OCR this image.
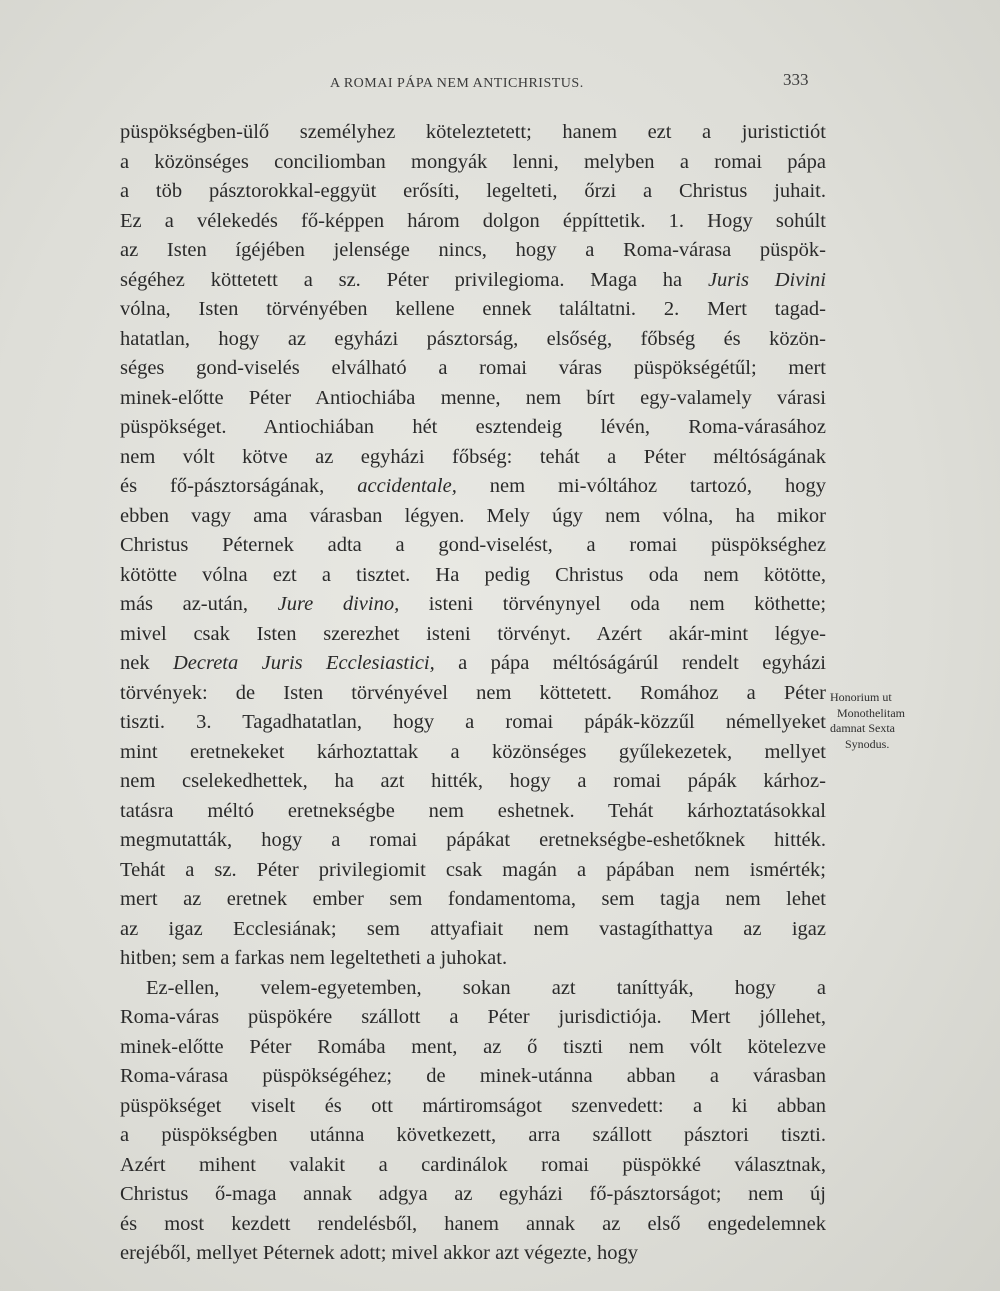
A ROMAI PÁPA NEM ANTICHRISTUS.	333
püspökségben-ülő személyhez köteleztetett; hanem ezt a juristictiót
a közönséges conciliomban mongyák lenni, melyben a romai pápa
a töb pásztorokkal-eggyüt erősíti, legelteti, őrzi a Christus juhait.
Ez a vélekedés fő-képpen három dolgon éppíttetik. 1. Hogy sohúlt
az Isten ígéjében jelensége nincs, hogy a Roma-várasa püspök-
ségéhez köttetett a sz. Péter privilegioma. Maga ha Juris Divini
vólna, Isten törvényében kellene ennek találtatni. 2. Mert tagad-
hatatlan, hogy az egyházi pásztorság, elsőség, főbség és közön-
séges gond-viselés elválható a romai váras püspökségétűl; mert
minek-előtte Péter Antiochiába menne, nem bírt egy-valamely várasi
püspökséget. Antiochiában hét esztendeig lévén, Roma-várasához
nem vólt kötve az egyházi főbség: tehát a Péter méltóságának
és fő-pásztorságának, accidentale, nem mi-vóltához tartozó, hogy
ebben vagy ama várasban légyen. Mely úgy nem vólna, ha mikor
Christus Péternek adta a gond-viselést, a romai püspökséghez
kötötte vólna ezt a tisztet. Ha pedig Christus oda nem kötötte,
más az-után, Jure divino, isteni törvénynyel oda nem köthette;
mivel csak Isten szerezhet isteni törvényt. Azért akár-mint légye-
nek Decreta Juris Ecclesiastici, a pápa méltóságárúl rendelt egyházi
törvények: de Isten törvényével nem köttetett. Romához a Péter
tiszti. 3. Tagadhatatlan, hogy a romai pápák-közzűl némellyeket
mint eretnekeket kárhoztattak a közönséges gyűlekezetek, mellyet
nem cselekedhettek, ha azt hitték, hogy a romai pápák kárhoz-
tatásra méltó eretnekségbe nem eshetnek. Tehát kárhoztatásokkal
megmutatták, hogy a romai pápákat eretnekségbe-eshetőknek hitték.
Tehát a sz. Péter privilegiomit csak magán a pápában nem ismérték;
mert az eretnek ember sem fondamentoma, sem tagja nem lehet
az igaz Ecclesiának; sem attyafiait nem vastagíthattya az igaz
hitben; sem a farkas nem legeltetheti a juhokat.
Ez-ellen, velem-egyetemben, sokan azt taníttyák, hogy a
Roma-váras püspökére szállott a Péter jurisdictiója. Mert jóllehet,
minek-előtte Péter Romába ment, az ő tiszti nem vólt kötelezve
Roma-várasa püspökségéhez; de minek-utánna abban a várasban
püspökséget viselt és ott mártiromságot szenvedett: a ki abban
a püspökségben utánna következett, arra szállott pásztori tiszti.
Azért mihent valakit a cardinálok romai püspökké választnak,
Christus ő-maga annak adgya az egyházi fő-pásztorságot; nem új
és most kezdett rendelésből, hanem annak az első engedelemnek
erejéből, mellyet Péternek adott; mivel akkor azt végezte, hogy
Honorium ut
Monothelitam
damnat Sexta
Synodus.
